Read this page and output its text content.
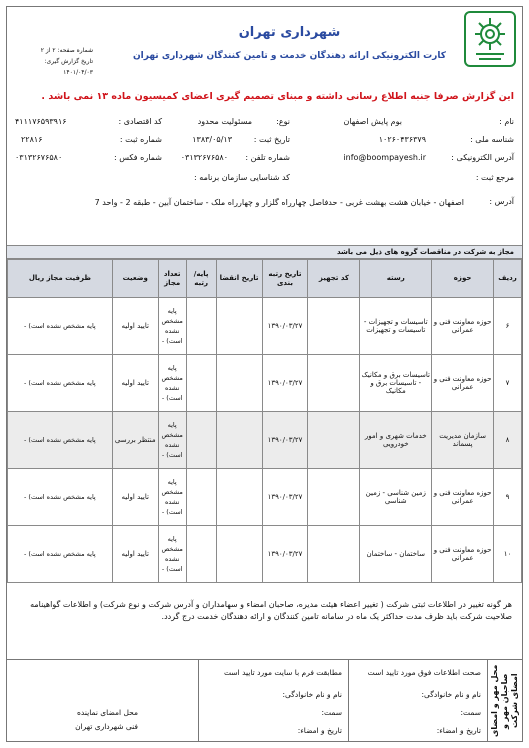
شهرداری تهران
کارت الکترونیکی ارائه دهندگان خدمت و تامین کنندگان شهرداری تهران
شماره صفحه: ۲ از ۲
تاریخ گزارش گیری: ۱۴۰۱/۰۴/۰۳
این گزارش صرفا جنبه اطلاع رسانی داشته و مبنای تصمیم گیری اعضای کمیسیون ماده ۱۳ نمی باشد .
نام :
بوم پایش اصفهان
نوع:
مسئولیت محدود
کد اقتصادی :
۴۱۱۱۷۶۵۹۳۹۱۶
شناسه ملی :
۱۰۲۶۰۴۳۶۳۷۹
تاریخ ثبت :
۱۳۸۳/۰۵/۱۳
شماره ثبت :
۲۲۸۱۶
آدرس الکترونیکی :
info@boompayesh.ir
شماره تلفن :
۰۳۱۳۲۶۷۶۵۸۰
شماره فکس :
۰۳۱۳۲۶۷۶۵۸۰
مرجع ثبت :
کد شناسایی سازمان برنامه :
آدرس :
اصفهان - خیابان هشت بهشت غربی - حدفاصل چهارراه گلزار و چهارراه ملک - ساختمان آبین - طبقه 2 - واحد 7
مجاز به شرکت در مناقصات گروه های ذیل می باشد
ردیف	حوزه	رسته	کد تجهیز	تاریخ رتبه بندی	تاریخ انقضا	پایه/ رتبه	تعداد مجاز	وضعیت	ظرفیت مجاز ریال
۶	حوزه معاونت فنی و عمرانی	تاسیسات و تجهیزات - تاسیسات و تجهیزات		۱۳۹۰/۰۳/۲۷			پایه مشخص نشده است) -	تایید اولیه	پایه مشخص نشده است) -
۷	حوزه معاونت فنی و عمرانی	تاسیسات برق و مکانیک - تاسیسات برق و مکانیک		۱۳۹۰/۰۳/۲۷			پایه مشخص نشده است) -	تایید اولیه	پایه مشخص نشده است) -
۸	سازمان مدیریت پسماند	خدمات شهری و امور خودرویی		۱۳۹۰/۰۳/۲۷			پایه مشخص نشده است) -	منتظر بررسی	پایه مشخص نشده است) -
۹	حوزه معاونت فنی و عمرانی	زمین شناسی - زمین شناسی		۱۳۹۰/۰۳/۲۷			پایه مشخص نشده است) -	تایید اولیه	پایه مشخص نشده است) -
۱۰	حوزه معاونت فنی و عمرانی	ساختمان - ساختمان		۱۳۹۰/۰۳/۲۷			پایه مشخص نشده است) -	تایید اولیه	پایه مشخص نشده است) -
هر گونه تغییر در اطلاعات ثبتی شرکت ( تغییر اعضاء هیئت مدیره، صاحبان امضاء و سهامداران و آدرس شرکت و نوع شرکت) و اطلاعات گواهینامه صلاحیت شرکت باید ظرف مدت حداکثر یک ماه در سامانه تامین کنندگان و ارائه دهندگان خدمت درج گردد.
محل مهر و امضای صاحبان مهر و امضای شرکت
صحت اطلاعات فوق مورد تایید است
نام و نام خانوادگی:
سمت:
تاریخ و امضاء:
مطابقت فرم با سایت مورد تایید است
نام و نام خانوادگی:
سمت:
تاریخ و امضاء:
محل امضای نماینده
فنی شهرداری تهران
